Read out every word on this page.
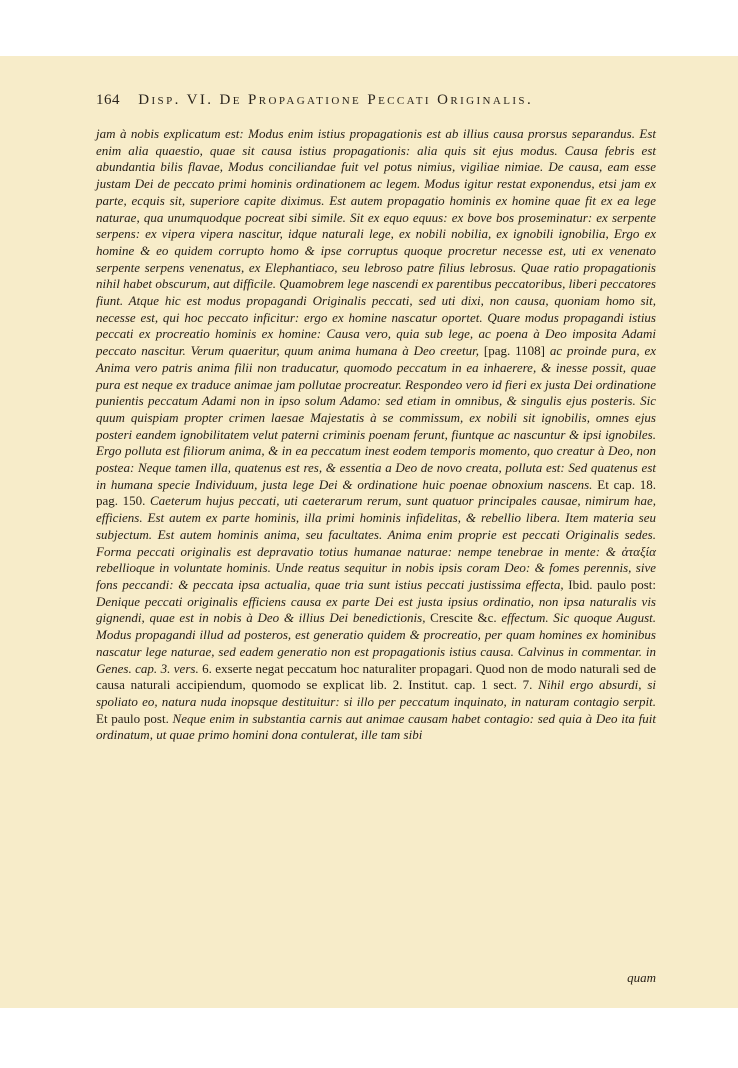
164 Disp. VI. De Propagatione Peccati Originalis.
jam à nobis explicatum est: Modus enim istius propagationis est ab illius causa prorsus separandus. Est enim alia quaestio, quae sit causa istius propagationis: alia quis sit ejus modus. Causa febris est abundantia bilis flavae, Modus conciliandae fuit vel potus nimius, vigiliae nimiae. De causa, eam esse justam Dei de peccato primi hominis ordinationem ac legem. Modus igitur restat exponendus, etsi jam ex parte, ecquis sit, superiore capite diximus. Est autem propagatio hominis ex homine quae fit ex ea lege naturae, qua unumquodque pocreat sibi simile. Sit ex equo equus: ex bove bos proseminatur: ex serpente serpens: ex vipera vipera nascitur, idque naturali lege, ex nobili nobilia, ex ignobili ignobilia, Ergo ex homine & eo quidem corrupto homo & ipse corruptus quoque procretur necesse est, uti ex venenato serpente serpens venenatus, ex Elephantiaco, seu lebroso patre filius lebrosus. Quae ratio propagationis nihil habet obscurum, aut difficile. Quamobrem lege nascendi ex parentibus peccatoribus, liberi peccatores fiunt. Atque hic est modus propagandi Originalis peccati, sed uti dixi, non causa, quoniam homo sit, necesse est, qui hoc peccato inficitur: ergo ex homine nascatur oportet. Quare modus propagandi istius peccati ex procreatio hominis ex homine: Causa vero, quia sub lege, ac poena à Deo imposita Adami peccato nascitur. Verum quaeritur, quum anima humana à Deo creetur, [pag. 1108] ac proinde pura, ex Anima vero patris anima filii non traducatur, quomodo peccatum in ea inhaerere, & inesse possit, quae pura est neque ex traduce animae jam pollutae procreatur. Respondeo vero id fieri ex justa Dei ordinatione punientis peccatum Adami non in ipso solum Adamo: sed etiam in omnibus, & singulis ejus posteris. Sic quum quispiam propter crimen laesae Majestatis à se commissum, ex nobili sit ignobilis, omnes ejus posteri eandem ignobilitatem velut paterni criminis poenam ferunt, fiuntque ac nascuntur & ipsi ignobiles. Ergo polluta est filiorum anima, & in ea peccatum inest eodem temporis momento, quo creatur à Deo, non postea: Neque tamen illa, quatenus est res, & essentia a Deo de novo creata, polluta est: Sed quatenus est in humana specie Individuum, justa lege Dei & ordinatione huic poenae obnoxium nascens. Et cap. 18. pag. 150. Caeterum hujus peccati, uti caeterarum rerum, sunt quatuor principales causae, nimirum hae, efficiens. Est autem ex parte hominis, illa primi hominis infidelitas, & rebellio libera. Item materia seu subjectum. Est autem hominis anima, seu facultates. Anima enim proprie est peccati Originalis sedes. Forma peccati originalis est depravatio totius humanae naturae: nempe tenebrae in mente: & ἀταξία rebellioque in voluntate hominis. Unde reatus sequitur in nobis ipsis coram Deo: & fomes perennis, sive fons peccandi: & peccata ipsa actualia, quae tria sunt istius peccati justissima effecta, Ibid. paulo post: Denique peccati originalis efficiens causa ex parte Dei est justa ipsius ordinatio, non ipsa naturalis vis gignendi, quae est in nobis à Deo & illius Dei benedictionis, Crescite &c. effectum. Sic quoque August. Modus propagandi illud ad posteros, est generatio quidem & procreatio, per quam homines ex hominibus nascatur lege naturae, sed eadem generatio non est propagationis istius causa. Calvinus in commentar. in Genes. cap. 3. vers. 6. exserte negat peccatum hoc naturaliter propagari. Quod non de modo naturali sed de causa naturali accipiendum, quomodo se explicat lib. 2. Institut. cap. 1 sect. 7. Nihil ergo absurdi, si spoliato eo, natura nuda inopsque destituitur: si illo per peccatum inquinato, in naturam contagio serpit. Et paulo post. Neque enim in substantia carnis aut animae causam habet contagio: sed quia à Deo ita fuit ordinatum, ut quae primo homini dona contulerat, ille tam sibi
quam
